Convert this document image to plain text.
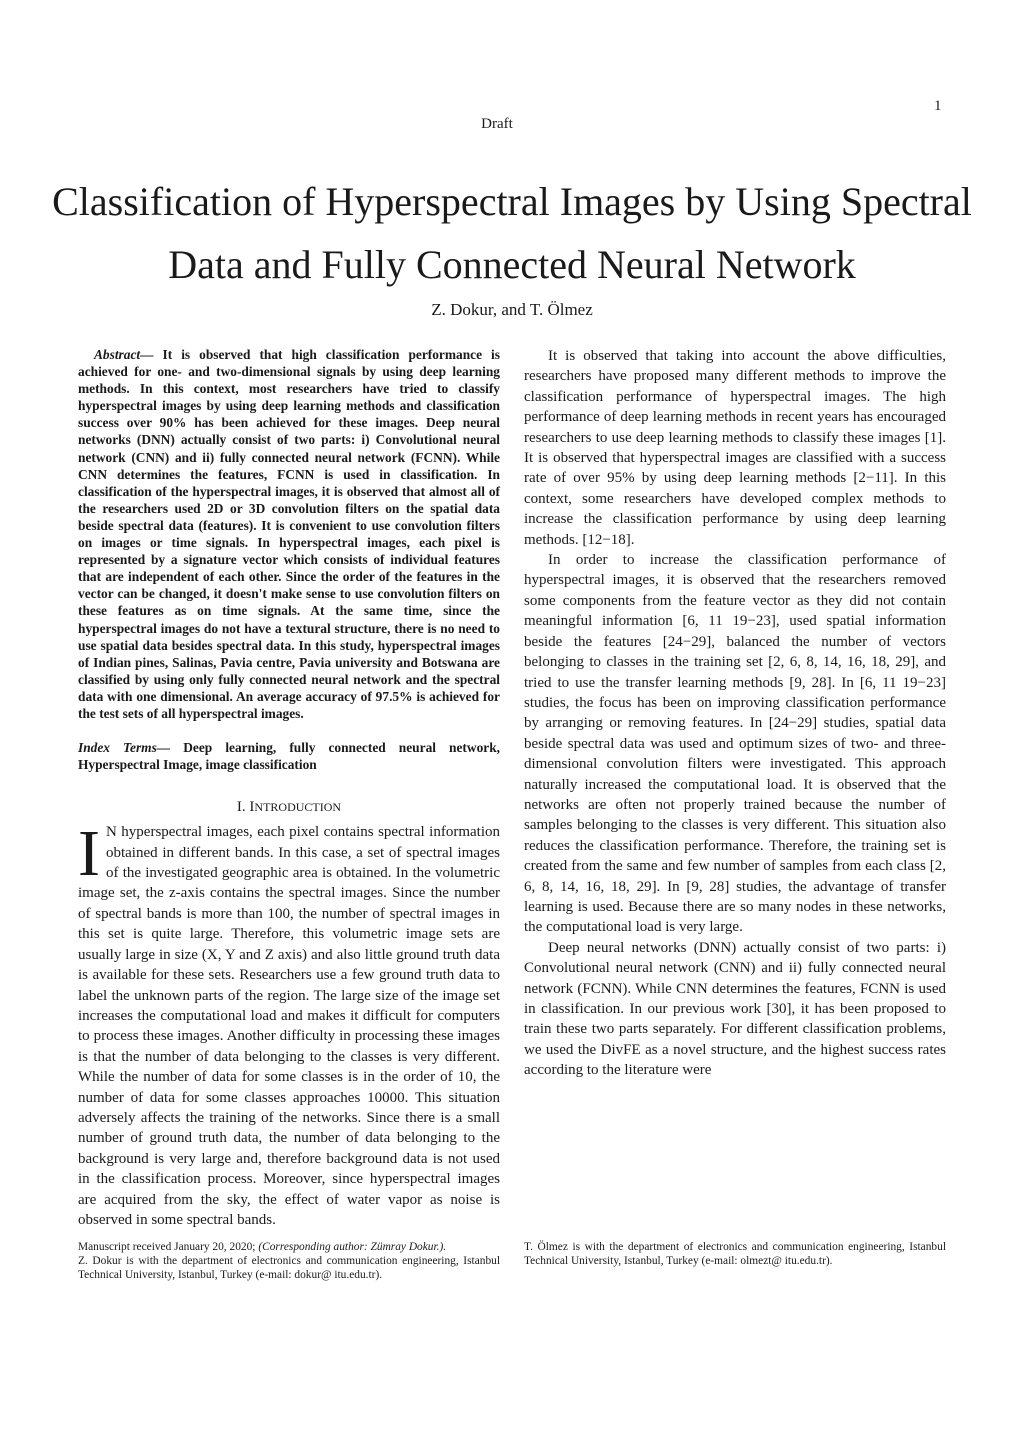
1
Draft
Classification of Hyperspectral Images by Using Spectral Data and Fully Connected Neural Network
Z. Dokur, and T. Ölmez

Abstract— It is observed that high classification performance is achieved for one- and two-dimensional signals by using deep learning methods. In this context, most researchers have tried to classify hyperspectral images by using deep learning methods and classification success over 90% has been achieved for these images. Deep neural networks (DNN) actually consist of two parts: i) Convolutional neural network (CNN) and ii) fully connected neural network (FCNN). While CNN determines the features, FCNN is used in classification. In classification of the hyperspectral images, it is observed that almost all of the researchers used 2D or 3D convolution filters on the spatial data beside spectral data (features). It is convenient to use convolution filters on images or time signals. In hyperspectral images, each pixel is represented by a signature vector which consists of individual features that are independent of each other. Since the order of the features in the vector can be changed, it doesn't make sense to use convolution filters on these features as on time signals. At the same time, since the hyperspectral images do not have a textural structure, there is no need to use spatial data besides spectral data. In this study, hyperspectral images of Indian pines, Salinas, Pavia centre, Pavia university and Botswana are classified by using only fully connected neural network and the spectral data with one dimensional. An average accuracy of 97.5% is achieved for the test sets of all hyperspectral images.

Index Terms— Deep learning, fully connected neural network, Hyperspectral Image, image classification

I. INTRODUCTION

I N hyperspectral images, each pixel contains spectral information obtained in different bands. In this case, a set of spectral images of the investigated geographic area is obtained. In the volumetric image set, the z-axis contains the spectral images. Since the number of spectral bands is more than 100, the number of spectral images in this set is quite large. Therefore, this volumetric image sets are usually large in size (X, Y and Z axis) and also little ground truth data is available for these sets. Researchers use a few ground truth data to label the unknown parts of the region. The large size of the image set increases the computational load and makes it difficult for computers to process these images. Another difficulty in processing these images is that the number of data belonging to the classes is very different. While the number of data for some classes is in the order of 10, the number of data for some classes approaches 10000. This situation adversely affects the training of the networks. Since there is a small number of ground truth data, the number of data belonging to the background is very large and, therefore background data is not used in the classification process. Moreover, since hyperspectral images are acquired from the sky, the effect of water vapor as noise is observed in some spectral bands.

It is observed that taking into account the above difficulties, researchers have proposed many different methods to improve the classification performance of hyperspectral images. The high performance of deep learning methods in recent years has encouraged researchers to use deep learning methods to classify these images [1]. It is observed that hyperspectral images are classified with a success rate of over 95% by using deep learning methods [2−11]. In this context, some researchers have developed complex methods to increase the classification performance by using deep learning methods. [12−18].

In order to increase the classification performance of hyperspectral images, it is observed that the researchers removed some components from the feature vector as they did not contain meaningful information [6, 11 19−23], used spatial information beside the features [24−29], balanced the number of vectors belonging to classes in the training set [2, 6, 8, 14, 16, 18, 29], and tried to use the transfer learning methods [9, 28]. In [6, 11 19−23] studies, the focus has been on improving classification performance by arranging or removing features. In [24−29] studies, spatial data beside spectral data was used and optimum sizes of two- and three-dimensional convolution filters were investigated. This approach naturally increased the computational load. It is observed that the networks are often not properly trained because the number of samples belonging to the classes is very different. This situation also reduces the classification performance. Therefore, the training set is created from the same and few number of samples from each class [2, 6, 8, 14, 16, 18, 29]. In [9, 28] studies, the advantage of transfer learning is used. Because there are so many nodes in these networks, the computational load is very large.

Deep neural networks (DNN) actually consist of two parts: i) Convolutional neural network (CNN) and ii) fully connected neural network (FCNN). While CNN determines the features, FCNN is used in classification. In our previous work [30], it has been proposed to train these two parts separately. For different classification problems, we used the DivFE as a novel structure, and the highest success rates according to the literature were

Manuscript received January 20, 2020; (Corresponding author: Zümray Dokur.).

Z. Dokur is with the department of electronics and communication engineering, Istanbul Technical University, Istanbul, Turkey (e-mail: dokur@ itu.edu.tr).

T. Ölmez is with the department of electronics and communication engineering, Istanbul Technical University, Istanbul, Turkey (e-mail: olmezt@ itu.edu.tr).
